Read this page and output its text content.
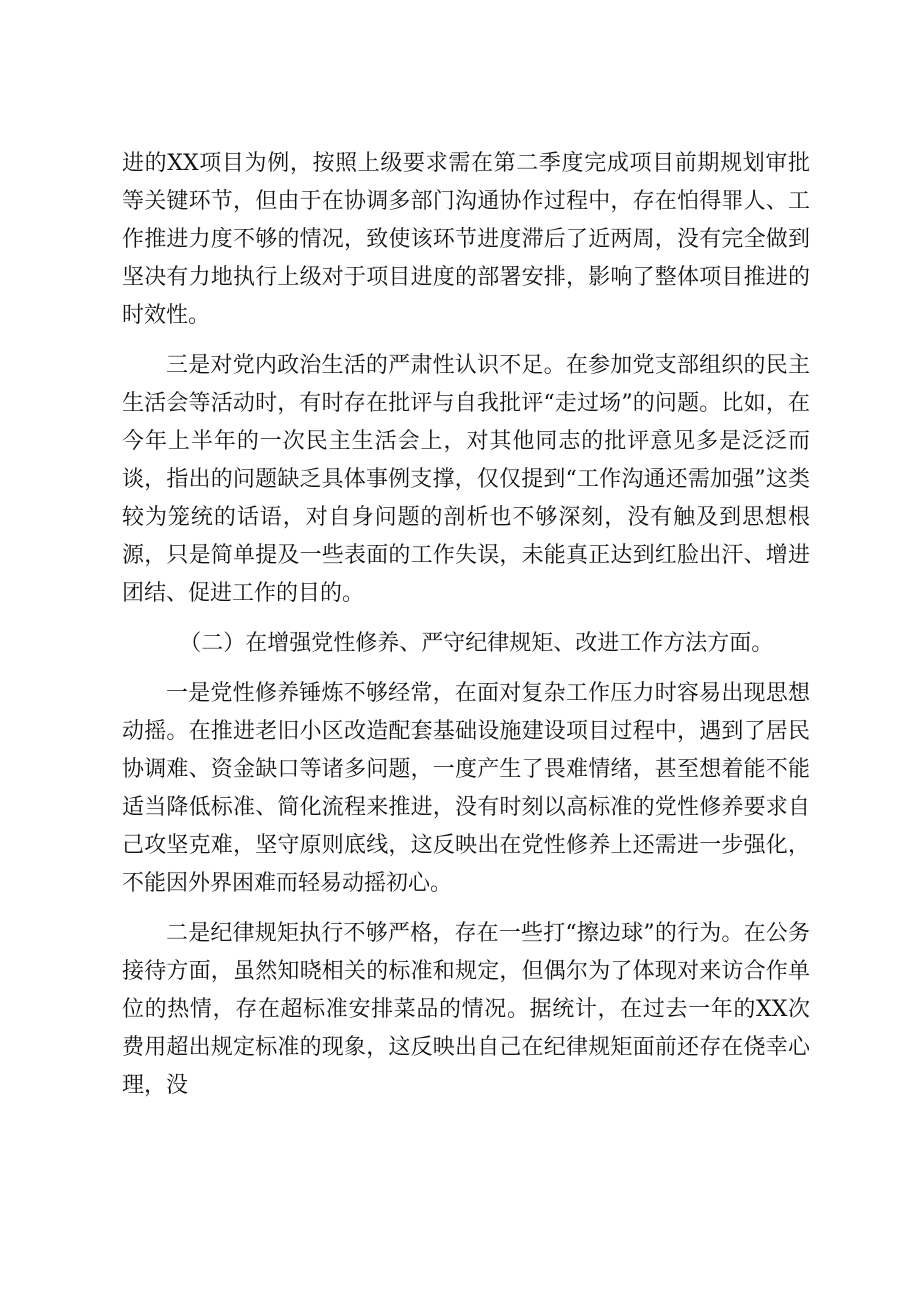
进的XX项目为例，按照上级要求需在第二季度完成项目前期规划审批等关键环节，但由于在协调多部门沟通协作过程中，存在怕得罪人、工作推进力度不够的情况，致使该环节进度滞后了近两周，没有完全做到坚决有力地执行上级对于项目进度的部署安排，影响了整体项目推进的时效性。

三是对党内政治生活的严肃性认识不足。在参加党支部组织的民主生活会等活动时，有时存在批评与自我批评“走过场”的问题。比如，在今年上半年的一次民主生活会上，对其他同志的批评意见多是泛泛而谈，指出的问题缺乏具体事例支撑，仅仅提到“工作沟通还需加强”这类较为笼统的话语，对自身问题的剖析也不够深刻，没有触及到思想根源，只是简单提及一些表面的工作失误，未能真正达到红脸出汗、增进团结、促进工作的目的。

（二）在增强党性修养、严守纪律规矩、改进工作方法方面。

一是党性修养锤炼不够经常，在面对复杂工作压力时容易出现思想动摇。在推进老旧小区改造配套基础设施建设项目过程中，遇到了居民协调难、资金缺口等诸多问题，一度产生了畏难情绪，甚至想着能不能适当降低标准、简化流程来推进，没有时刻以高标准的党性修养要求自己攻坚克难，坚守原则底线，这反映出在党性修养上还需进一步强化，不能因外界困难而轻易动摇初心。

二是纪律规矩执行不够严格，存在一些打“擦边球”的行为。在公务接待方面，虽然知晓相关的标准和规定，但偶尔为了体现对来访合作单位的热情，存在超标准安排菜品的情况。据统计，在过去一年的XX次费用超出规定标准的现象，这反映出自己在纪律规矩面前还存在侥幸心理，没
